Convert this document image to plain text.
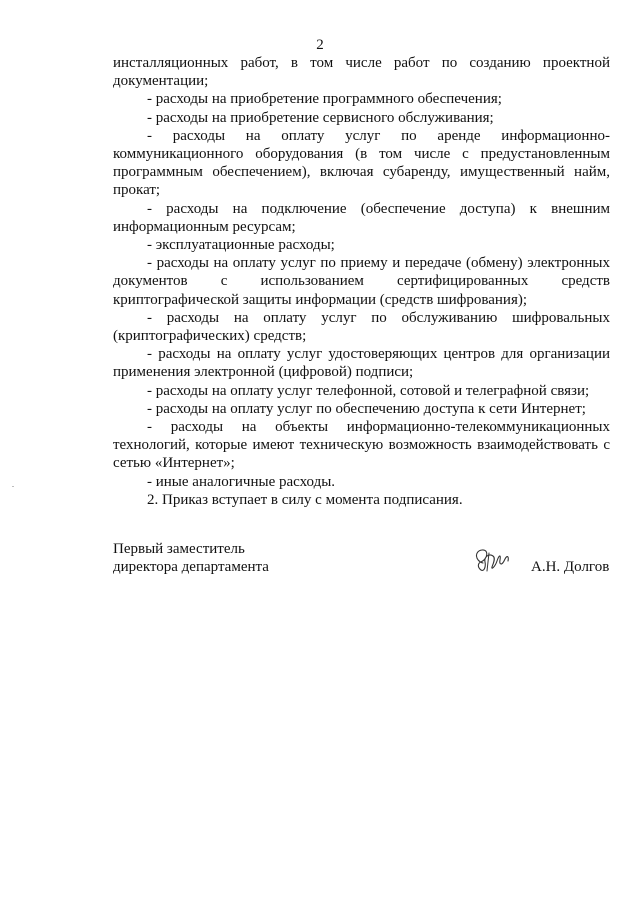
2

инсталляционных работ, в том числе работ по созданию проектной документации;

- расходы на приобретение программного обеспечения;

- расходы на приобретение сервисного обслуживания;

- расходы на оплату услуг по аренде информационно-коммуникационного оборудования (в том числе с предустановленным программным обеспечением), включая субаренду, имущественный найм, прокат;

- расходы на подключение (обеспечение доступа) к внешним информационным ресурсам;

- эксплуатационные расходы;

- расходы на оплату услуг по приему и передаче (обмену) электронных документов с использованием сертифицированных средств криптографической защиты информации (средств шифрования);

- расходы на оплату услуг по обслуживанию шифровальных (криптографических) средств;

- расходы на оплату услуг удостоверяющих центров для организации применения электронной (цифровой) подписи;

- расходы на оплату услуг телефонной, сотовой и телеграфной связи;

- расходы на оплату услуг по обеспечению доступа к сети Интернет;

- расходы на объекты информационно-телекоммуникационных технологий, которые имеют техническую возможность взаимодействовать с сетью «Интернет»;

- иные аналогичные расходы.

2. Приказ вступает в силу с момента подписания.

Первый заместитель
директора департамента	А.Н. Долгов
